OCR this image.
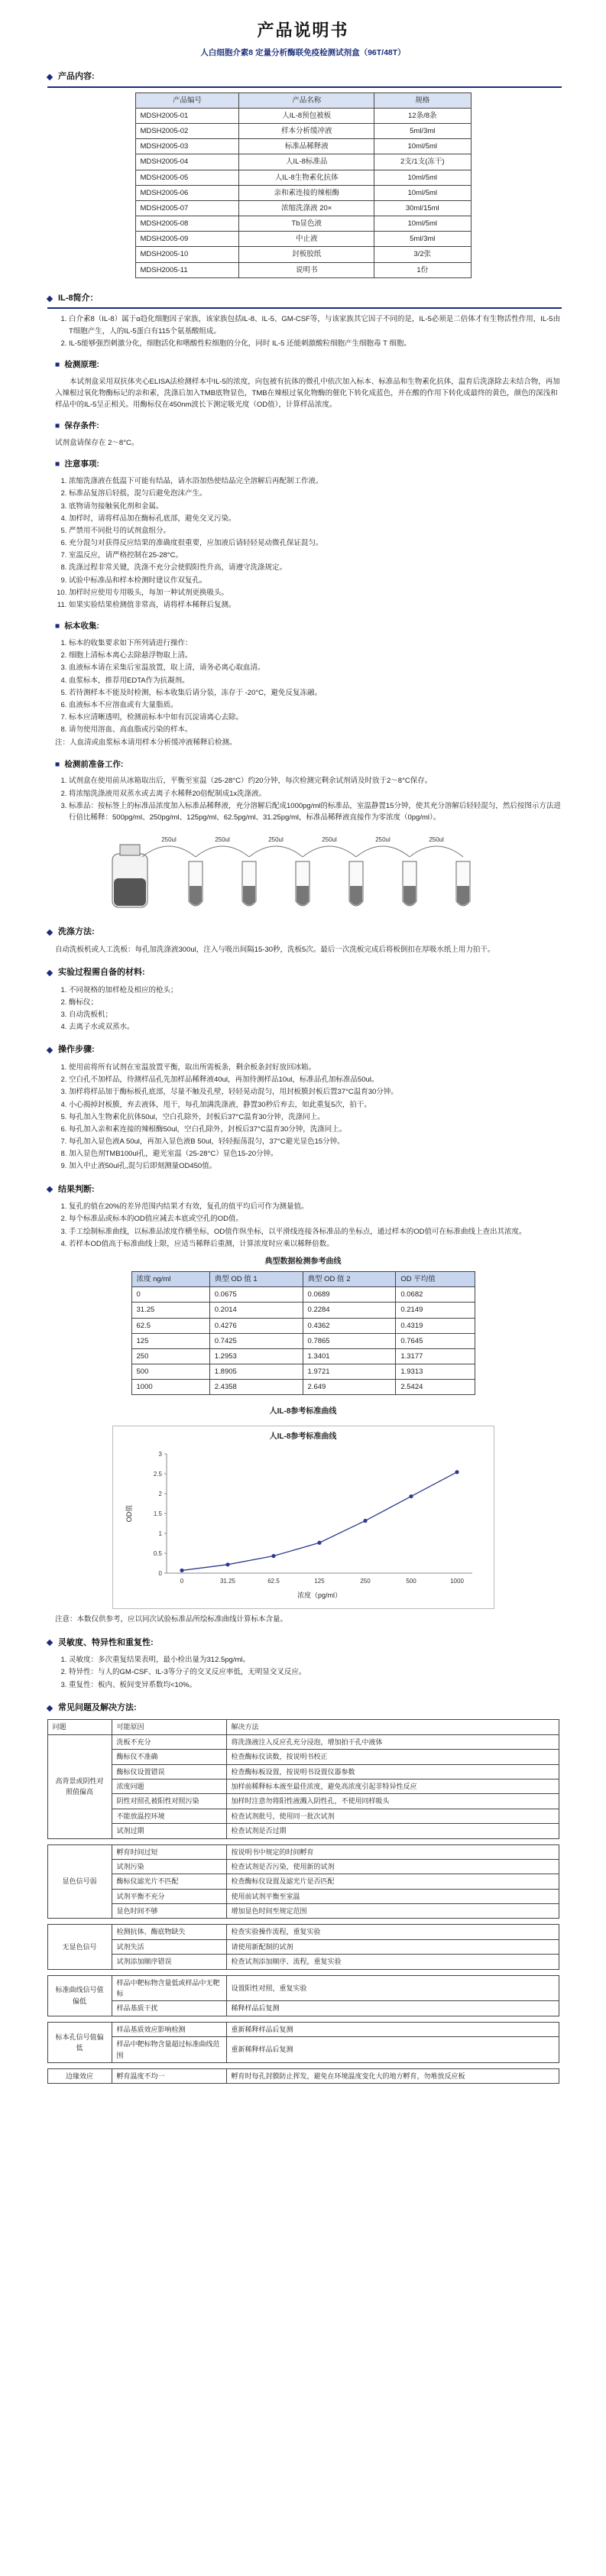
产品说明书
人白细胞介素8 定量分析酶联免疫检测试剂盒（96T/48T）
产品内容:
产品编号	产品名称	规格
MDSH2005-01	人IL-8预包被板	12条/8条
MDSH2005-02	样本分析缓冲液	5ml/3ml
MDSH2005-03	标准品稀释液	10ml/5ml
MDSH2005-04	人IL-8标准品	2支/1支(冻干)
MDSH2005-05	人IL-8生物素化抗体	10ml/5ml
MDSH2005-06	亲和素连接的辣根酶	10ml/5ml
MDSH2005-07	浓缩洗涤液 20×	30ml/15ml
MDSH2005-08	Tb显色液	10ml/5ml
MDSH2005-09	中止液	5ml/3ml
MDSH2005-10	封板胶纸	3/2张
MDSH2005-11	说明书	1份
IL-8简介：
1. 白介素8（IL-8）属于α趋化细胞因子家族，该家族包括IL-8、IL-5、GM-CSF等，与该家族其它因子不同的是，IL-5必须是二倍体才有生物活性作用，IL-5由T细胞产生，人的IL-5蛋白有115个氨基酸组成。
2. IL-5能够强烈刺激分化，细胞活化和嗜酸性粒细胞的分化，同时 IL-5 还能刺激酸粒细胞产生细胞毒 T 细胞。
■ 检测原理:

本试剂盒采用双抗体夹心ELISA法检测样本中IL-5的浓度，向包被有抗体的微孔中依次加入标本、标准品和生物素化抗体，温育后洗涤除去未结合物，再加入辣根过氧化物酶标记的亲和素，洗涤后加入TMB底物显色，TMB在辣根过氧化物酶的催化下转化成蓝色，并在酸的作用下转化成最终的黄色，颜色的深浅和样品中的IL-5呈正相关。用酶标仪在450nm波长下测定吸光度（OD值），计算样品浓度。

■ 保存条件:
试剂盒请保存在 2～8°C。
■ 注意事项:
1. 浓缩洗涤液在低温下可能有结晶，请水浴加热使结晶完全溶解后再配制工作液。
2. 标准品复溶后轻摇，混匀后避免泡沫产生。
3. 底物请勿接触氧化剂和金属。
4. 加样时，请将样品加在酶标孔底部，避免交叉污染。
5. 严禁用不同批号的试剂盒组分。
6. 充分混匀对获得反应结果的准确度很重要，应加液后请轻轻晃动微孔保证混匀。
7. 室温反应，请严格控制在25-28°C。
8. 洗涤过程非常关键，洗涤不充分会使假阳性升高，请遵守洗涤规定。
9. 试验中标准品和样本检测时建议作双复孔。
10. 加样时应使用专用吸头，每加一种试剂更换吸头。
11. 如果实验结果检测值非常高，请将样本稀释后复测。
■ 标本收集:
1. 标本的收集要求如下所列请进行操作：
2. 细胞上清标本离心去除悬浮物取上清。
3. 血液标本请在采集后室温放置，取上清，请务必离心取血清。
4. 血浆标本，推荐用EDTA作为抗凝剂。
5. 若待测样本不能及时检测，标本收集后请分装，冻存于 -20°C，避免反复冻融。
6. 血液标本不应溶血或有大量脂质。
7. 标本应清晰透明，检测前标本中如有沉淀请离心去除。
8. 请勿使用溶血、高血脂或污染的样本。
注：人血清或血浆标本请用样本分析缓冲液稀释后检测。
■ 检测前准备工作:
1. 试剂盒在使用前从冰箱取出后，平衡至室温（25-28°C）约20分钟，每次检测完剩余试剂请及时放于2～8°C保存。
2. 将浓缩洗涤液用双蒸水或去离子水稀释20倍配制成1x洗涤液。
3. 标准品：按标签上的标准品浓度加入标准品稀释液，充分溶解后配成1000pg/ml的标准品，室温静置15分钟，使其充分溶解后轻轻混匀，然后按图示方法进行倍比稀释：500pg/ml、250pg/ml、125pg/ml、62.5pg/ml、31.25pg/ml，标准品稀释液直接作为零浓度（0pg/ml）。
250ul	250ul	250ul	250ul	250ul	250ul
洗涤方法:
自动洗板机或人工洗板：每孔加洗涤液300ul，注入与吸出间隔15-30秒，洗板5次。最后一次洗板完成后将板倒扣在厚吸水纸上用力拍干。
实验过程需自备的材料:
1. 不同规格的加样枪及相应的枪头；
2. 酶标仪；
3. 自动洗板机；
4. 去离子水或双蒸水。
操作步骤:
1. 使用前将所有试剂在室温放置平衡，取出所需板条，剩余板条封好放回冰箱。
2. 空白孔不加样品，待测样品孔先加样品稀释液40ul，再加待测样品10ul，标准品孔加标准品50ul。
3. 加样将样品加于酶标板孔底部，尽量不触及孔壁，轻轻晃动混匀，用封板膜封板后置37°C温育30分钟。
4. 小心揭掉封板膜，弃去液体，甩干，每孔加满洗涤液，静置30秒后弃去，如此重复5次，拍干。
5. 每孔加入生物素化抗体50ul，空白孔除外，封板后37°C温育30分钟，洗涤同上。
6. 每孔加入亲和素连接的辣根酶50ul，空白孔除外，封板后37°C温育30分钟，洗涤同上。
7. 每孔加入显色液A 50ul，再加入显色液B 50ul，轻轻振荡混匀，37°C避光显色15分钟。
8. 加入显色剂TMB100ul孔，避光室温（25-28°C）显色15-20分钟。
9. 加入中止液50ul孔,混匀后即刻测量OD450值。
结果判断:
1. 复孔的值在20%的差异范围内结果才有效，复孔的值平均后可作为测量值。
2. 每个标准品或标本的OD值应减去本底或空孔的OD值。
3. 手工绘制标准曲线，以标准品浓度作横坐标，OD值作纵坐标，以平滑线连接各标准品的坐标点，通过样本的OD值可在标准曲线上查出其浓度。
4. 若样本OD值高于标准曲线上限，应适当稀释后重测，计算浓度时应乘以稀释倍数。
典型数据检测参考曲线
浓度 ng/ml	典型 OD 值 1	典型 OD 值 2	OD 平均值
0	0.0675	0.0689	0.0682
31.25	0.2014	0.2284	0.2149
62.5	0.4276	0.4362	0.4319
125	0.7425	0.7865	0.7645
250	1.2953	1.3401	1.3177
500	1.8905	1.9721	1.9313
1000	2.4358	2.649	2.5424
人IL-8参考标准曲线
人IL-8参考标准曲线
0
0.5
1
1.5
2
2.5
3
0	31.25	62.5	125	250	500	1000
浓度（pg/ml）
OD值
注意：本数仅供参考，应以同次试验标准品所绘标准曲线计算标本含量。
灵敏度、特异性和重复性:
1. 灵敏度：多次重复结果表明，最小检出量为312.5pg/ml。
2. 特异性：与人的GM-CSF、IL-3等分子的交叉反应率低，无明显交叉反应。
3. 重复性：板内、板间变异系数均<10%。
常见问题及解决方法:
问题	可能原因	解决方法
高背景或阴性对照值偏高	洗板不充分	将洗涤液注入反应孔充分浸泡，增加拍干孔中液体
	酶标仪不准确	检查酶标仪读数，按说明书校正
	酶标仪设置错误	检查酶标板设置，按说明书设置仪器参数
	浓度问题	加样前稀释标本液至最佳浓度，避免高浓度引起非特异性反应
	阴性对照孔被阳性对照污染	加样时注意勿将阳性液溅入阴性孔，不使用同样吸头
	不能放温控环境	检查试剂批号，使用同一批次试剂
	试剂过期	检查试剂是否过期

显色信号弱	孵育时间过短	按说明书中规定的时间孵育
	试剂污染	检查试剂是否污染，使用新的试剂
	酶标仪滤光片不匹配	检查酶标仪设置及滤光片是否匹配
	试剂平衡不充分	使用前试剂平衡至室温
	显色时间不够	增加显色时间至规定范围

无显色信号	检测抗体、酶底物缺失	检查实验操作流程，重复实验
	试剂失活	请使用新配制的试剂
	试剂添加顺序错误	检查试剂添加顺序、流程，重复实验

标准曲线信号值偏低	样品中靶标物含量低或样品中无靶标	设置阳性对照，重复实验
	样品基质干扰	稀释样品后复测

标本孔信号值偏低	样品基质效应影响检测	重新稀释样品后复测
	样品中靶标物含量超过标准曲线范围	重新稀释样品后复测

边缘效应	孵育温度不均一	孵育时每孔封膜防止挥发，避免在环境温度变化大的地方孵育，勿堆放反应板
